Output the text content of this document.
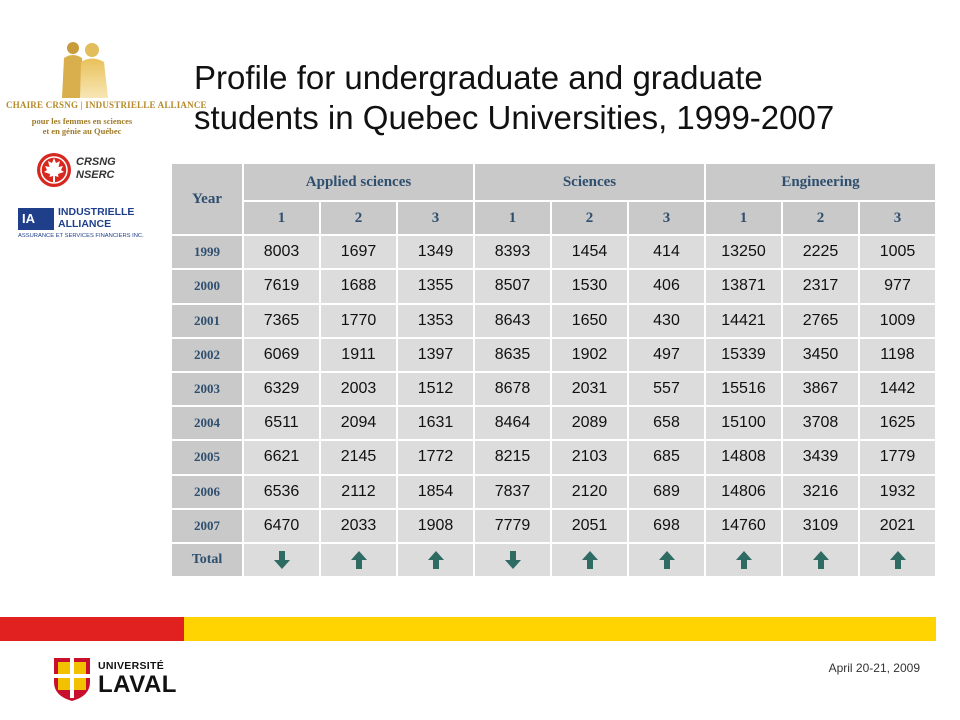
CHAIRE CRSNG | INDUSTRIELLE ALLIANCE
pour les femmes en sciences
et en génie au Québec
CRSNG
NSERC
IA	INDUSTRIELLE
ALLIANCE
ASSURANCE ET SERVICES FINANCIERS INC.
Profile for undergraduate and graduate
students in Quebec Universities, 1999-2007
Year	Applied sciences			Sciences			Engineering		
	1	2	3	1	2	3	1	2	3
1999	8003	1697	1349	8393	1454	414	13250	2225	1005
2000	7619	1688	1355	8507	1530	406	13871	2317	977
2001	7365	1770	1353	8643	1650	430	14421	2765	1009
2002	6069	1911	1397	8635	1902	497	15339	3450	1198
2003	6329	2003	1512	8678	2031	557	15516	3867	1442
2004	6511	2094	1631	8464	2089	658	15100	3708	1625
2005	6621	2145	1772	8215	2103	685	14808	3439	1779
2006	6536	2112	1854	7837	2120	689	14806	3216	1932
2007	6470	2033	1908	7779	2051	698	14760	3109	2021
Total	

UNIVERSITÉ
LAVAL
April 20-21, 2009
